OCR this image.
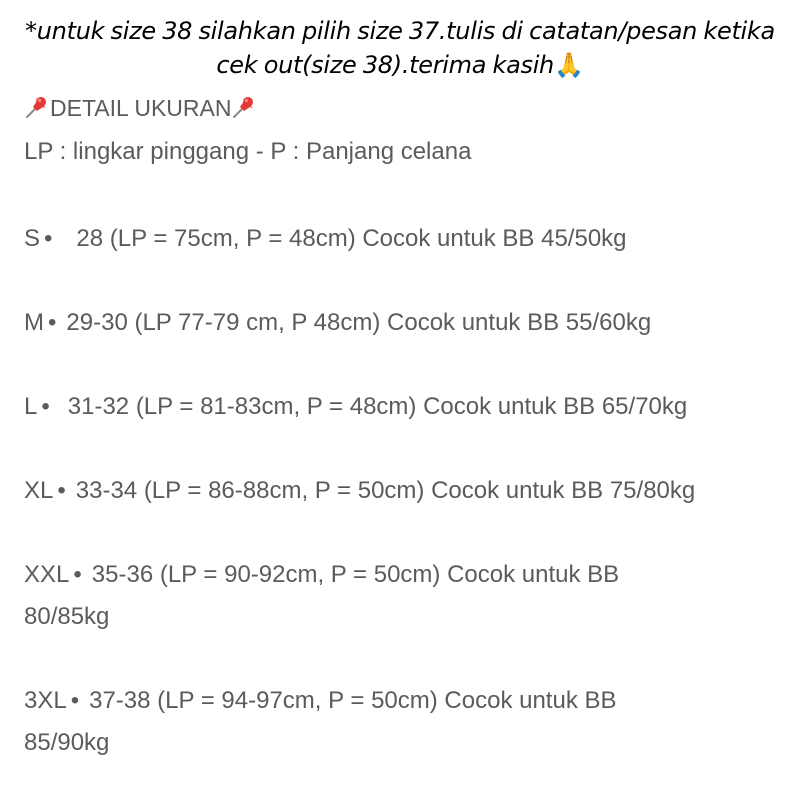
*untuk size 38 silahkan pilih size 37.tulis di catatan/pesan ketika
cek out(size 38).terima kasih🙏
DETAIL UKURAN
LP : lingkar pinggang - P : Panjang celana
S • 28 (LP = 75cm, P = 48cm) Cocok untuk BB 45/50kg
M • 29-30 (LP 77-79 cm, P 48cm) Cocok untuk BB 55/60kg
L • 31-32 (LP = 81-83cm, P = 48cm) Cocok untuk BB 65/70kg
XL • 33-34 (LP = 86-88cm, P = 50cm) Cocok untuk BB 75/80kg
XXL • 35-36 (LP = 90-92cm, P = 50cm) Cocok untuk BB
80/85kg
3XL • 37-38 (LP = 94-97cm, P = 50cm) Cocok untuk BB
85/90kg
